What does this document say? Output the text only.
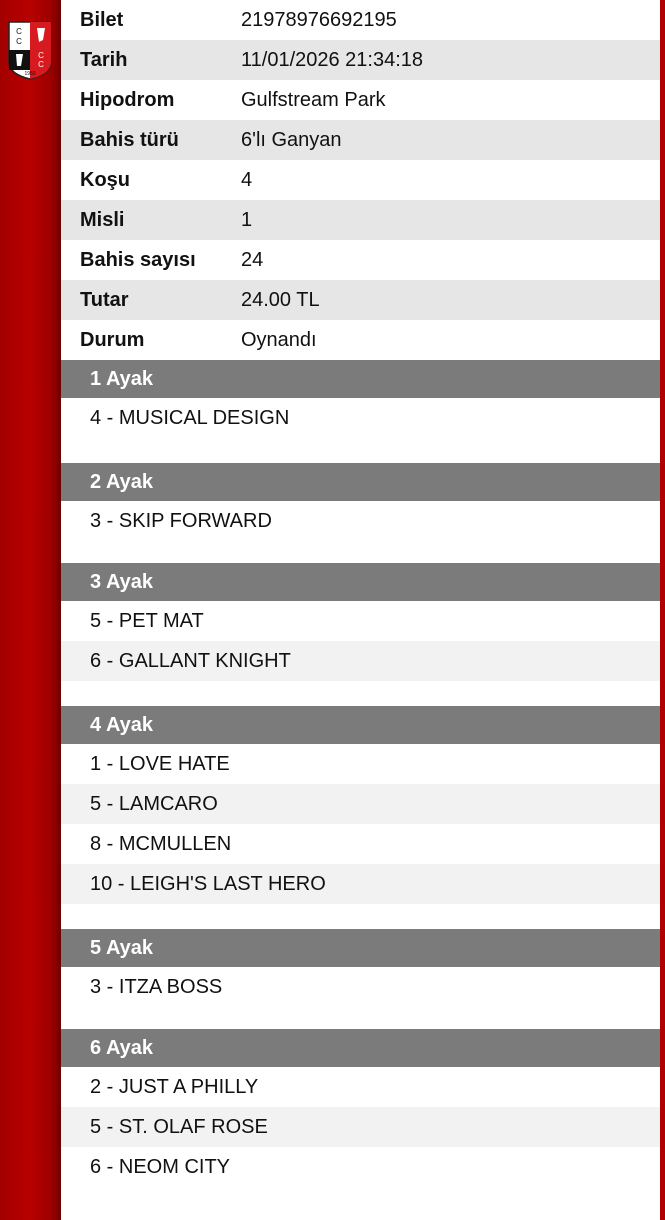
C
C
C
C
1950
Bilet	21978976692195
Tarih	11/01/2026 21:34:18
Hipodrom	Gulfstream Park
Bahis türü	6'lı Ganyan
Koşu	4
Misli	1
Bahis sayısı	24
Tutar	24.00 TL
Durum	Oynandı
1 Ayak
4 - MUSICAL DESIGN
2 Ayak
3 - SKIP FORWARD
3 Ayak
5 - PET MAT
6 - GALLANT KNIGHT
4 Ayak
1 - LOVE HATE
5 - LAMCARO
8 - MCMULLEN
10 - LEIGH'S LAST HERO
5 Ayak
3 - ITZA BOSS
6 Ayak
2 - JUST A PHILLY
5 - ST. OLAF ROSE
6 - NEOM CITY
